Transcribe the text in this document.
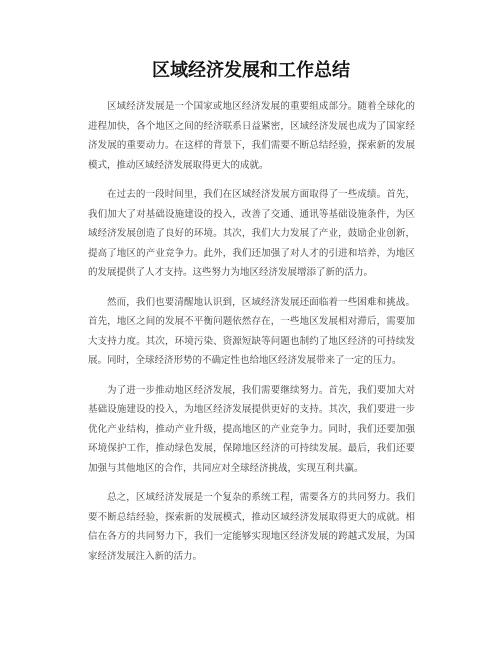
区域经济发展和工作总结

区域经济发展是一个国家或地区经济发展的重要组成部分。随着全球化的进程加快，各个地区之间的经济联系日益紧密，区域经济发展也成为了国家经济发展的重要动力。在这样的背景下，我们需要不断总结经验，探索新的发展模式，推动区域经济发展取得更大的成就。

在过去的一段时间里，我们在区域经济发展方面取得了一些成绩。首先，我们加大了对基础设施建设的投入，改善了交通、通讯等基础设施条件，为区域经济发展创造了良好的环境。其次，我们大力发展了产业，鼓励企业创新，提高了地区的产业竞争力。此外，我们还加强了对人才的引进和培养，为地区的发展提供了人才支持。这些努力为地区经济发展增添了新的活力。

然而，我们也要清醒地认识到，区域经济发展还面临着一些困难和挑战。首先，地区之间的发展不平衡问题依然存在，一些地区发展相对滞后，需要加大支持力度。其次，环境污染、资源短缺等问题也制约了地区经济的可持续发展。同时，全球经济形势的不确定性也给地区经济发展带来了一定的压力。

为了进一步推动地区经济发展，我们需要继续努力。首先，我们要加大对基础设施建设的投入，为地区经济发展提供更好的支持。其次，我们要进一步优化产业结构，推动产业升级，提高地区的产业竞争力。同时，我们还要加强环境保护工作，推动绿色发展，保障地区经济的可持续发展。最后，我们还要加强与其他地区的合作，共同应对全球经济挑战，实现互利共赢。

总之，区域经济发展是一个复杂的系统工程，需要各方的共同努力。我们要不断总结经验，探索新的发展模式，推动区域经济发展取得更大的成就。相信在各方的共同努力下，我们一定能够实现地区经济发展的跨越式发展，为国家经济发展注入新的活力。
